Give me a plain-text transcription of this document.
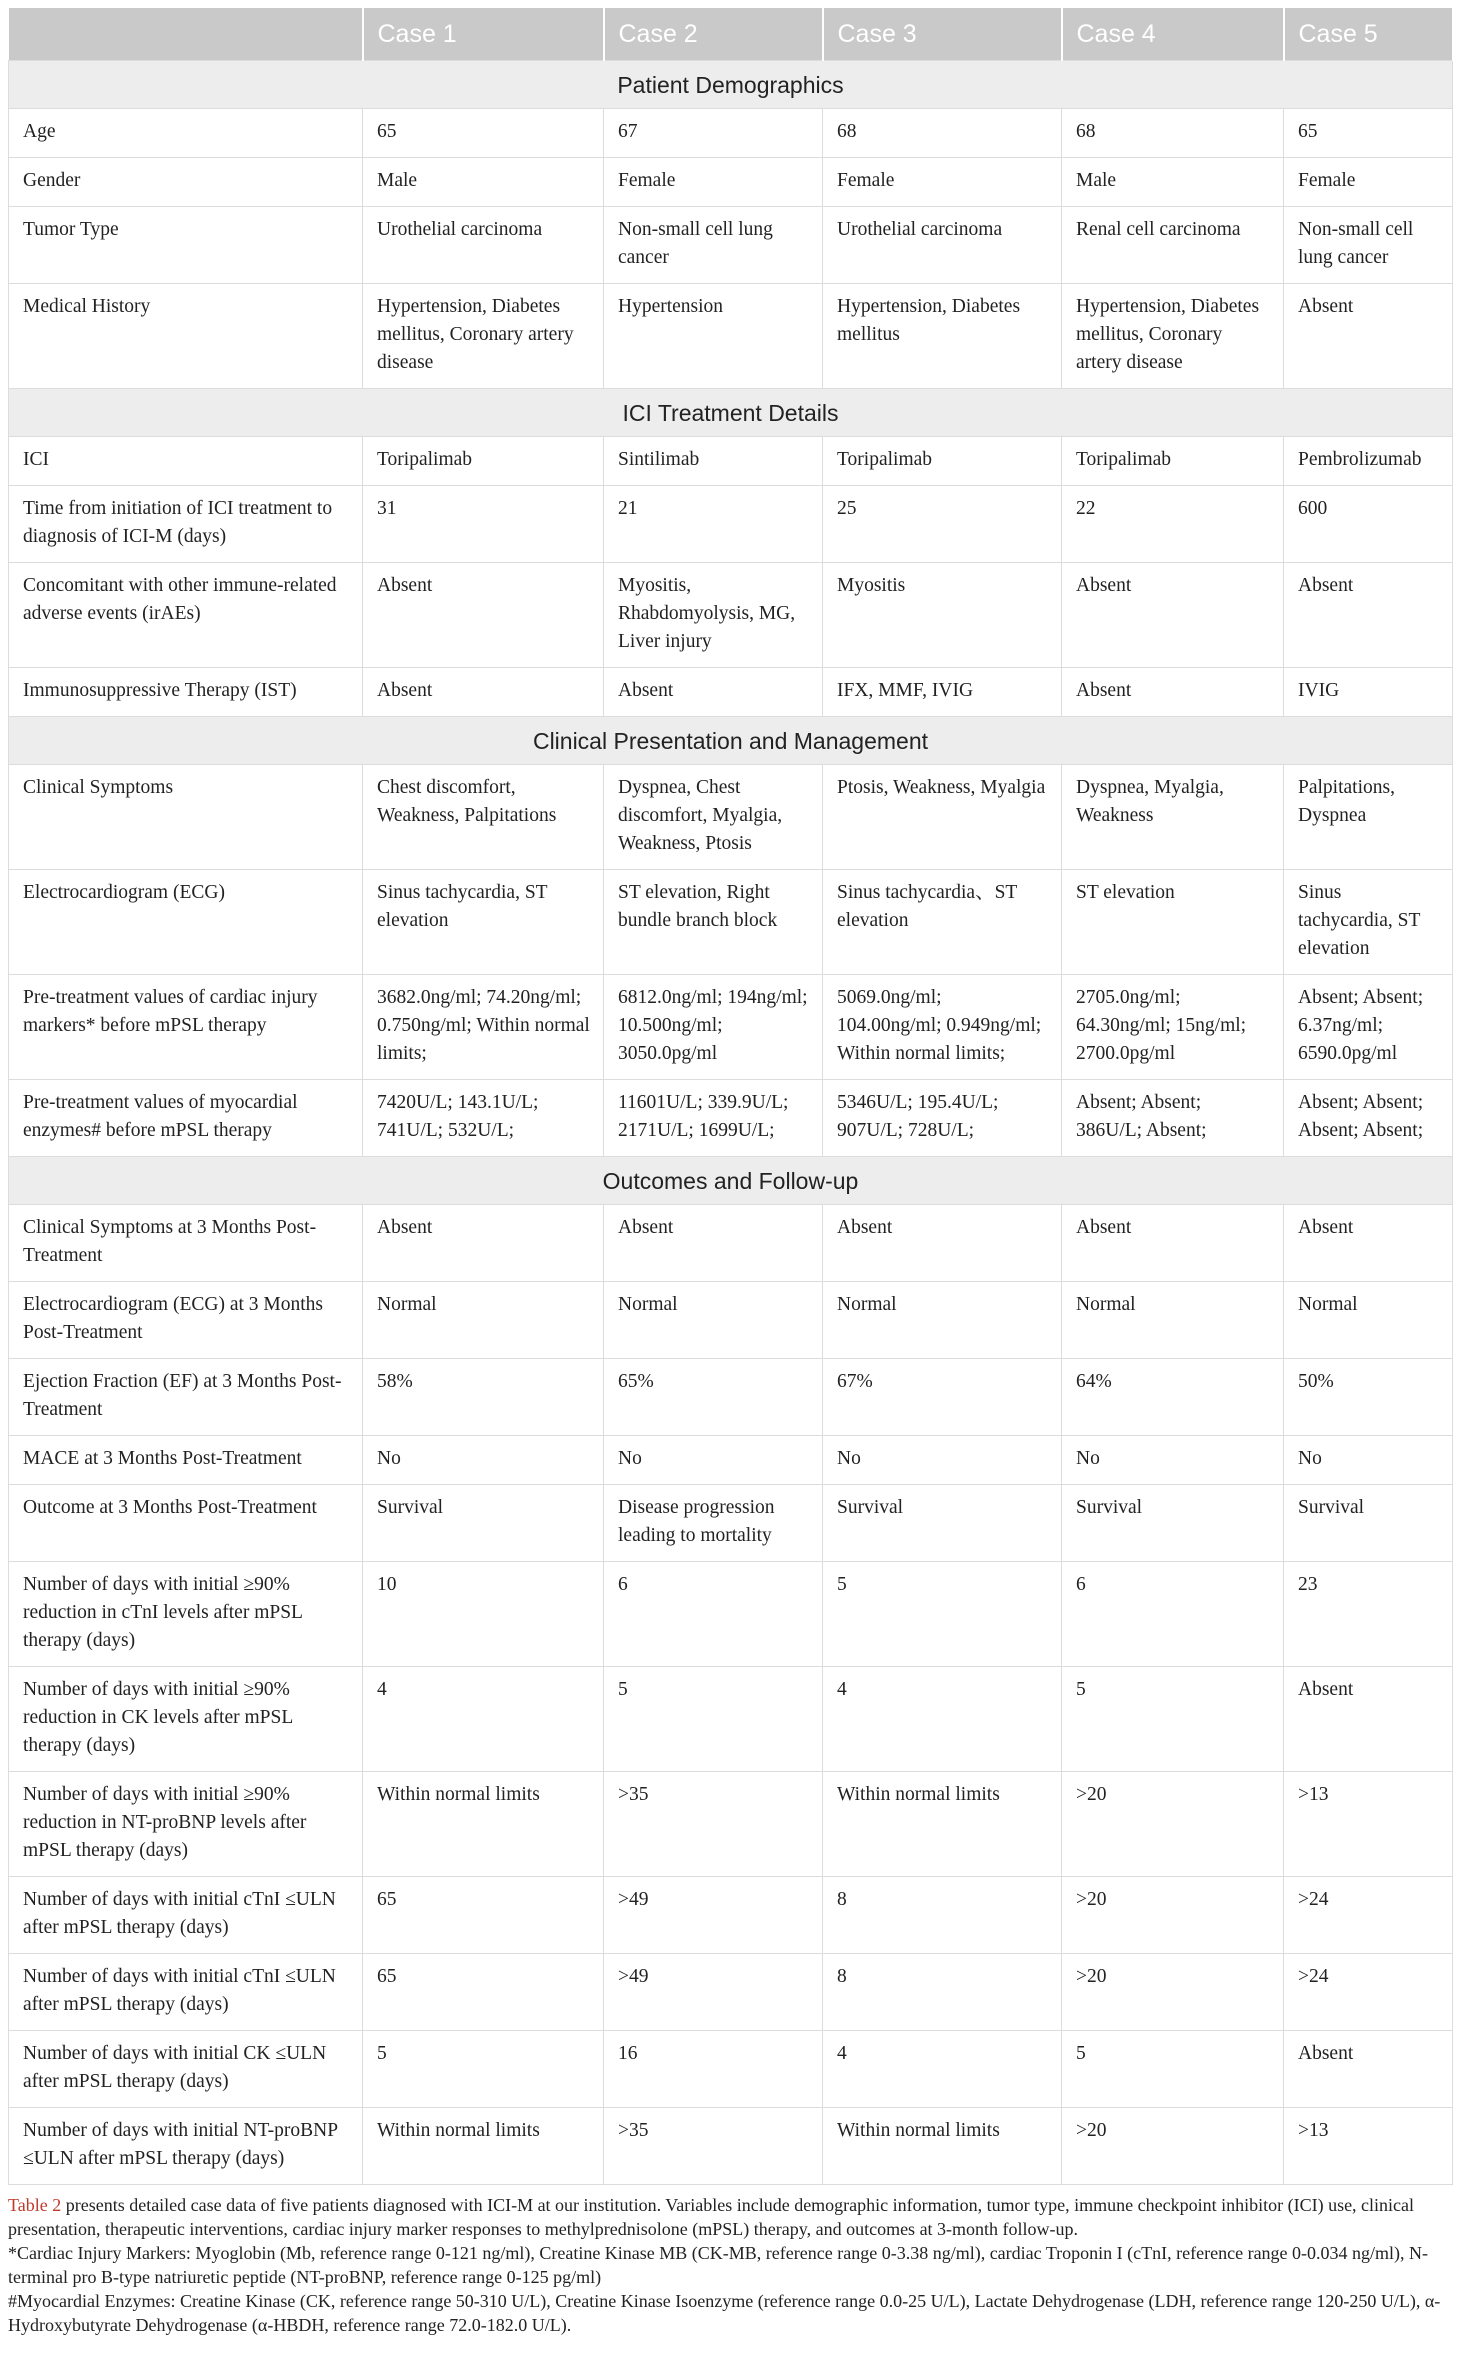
	Case 1	Case 2	Case 3	Case 4	Case 5
Patient Demographics					
Age	65	67	68	68	65
Gender	Male	Female	Female	Male	Female
Tumor Type	Urothelial carcinoma	Non-small cell lung cancer	Urothelial carcinoma	Renal cell carcinoma	Non-small cell lung cancer
Medical History	Hypertension, Diabetes mellitus, Coronary artery disease	Hypertension	Hypertension, Diabetes mellitus	Hypertension, Diabetes mellitus, Coronary artery disease	Absent
ICI Treatment Details					
ICI	Toripalimab	Sintilimab	Toripalimab	Toripalimab	Pembrolizumab
Time from initiation of ICI treatment to diagnosis of ICI-M (days)	31	21	25	22	600
Concomitant with other immune-related adverse events (irAEs)	Absent	Myositis, Rhabdomyolysis, MG, Liver injury	Myositis	Absent	Absent
Immunosuppressive Therapy (IST)	Absent	Absent	IFX, MMF, IVIG	Absent	IVIG
Clinical Presentation and Management					
Clinical Symptoms	Chest discomfort, Weakness, Palpitations	Dyspnea, Chest discomfort, Myalgia, Weakness, Ptosis	Ptosis, Weakness, Myalgia	Dyspnea, Myalgia, Weakness	Palpitations, Dyspnea
Electrocardiogram (ECG)	Sinus tachycardia, ST elevation	ST elevation, Right bundle branch block	Sinus tachycardia、ST elevation	ST elevation	Sinus tachycardia, ST elevation
Pre-treatment values of cardiac injury markers* before mPSL therapy	3682.0ng/ml; 74.20ng/ml; 0.750ng/ml; Within normal limits;	6812.0ng/ml; 194ng/ml; 10.500ng/ml; 3050.0pg/ml	5069.0ng/ml; 104.00ng/ml; 0.949ng/ml; Within normal limits;	2705.0ng/ml; 64.30ng/ml; 15ng/ml; 2700.0pg/ml	Absent; Absent; 6.37ng/ml; 6590.0pg/ml
Pre-treatment values of myocardial enzymes# before mPSL therapy	7420U/L; 143.1U/L; 741U/L; 532U/L;	11601U/L; 339.9U/L; 2171U/L; 1699U/L;	5346U/L; 195.4U/L; 907U/L; 728U/L;	Absent; Absent; 386U/L; Absent;	Absent; Absent; Absent; Absent;
Outcomes and Follow-up					
Clinical Symptoms at 3 Months Post-Treatment	Absent	Absent	Absent	Absent	Absent
Electrocardiogram (ECG) at 3 Months Post-Treatment	Normal	Normal	Normal	Normal	Normal
Ejection Fraction (EF) at 3 Months Post-Treatment	58%	65%	67%	64%	50%
MACE at 3 Months Post-Treatment	No	No	No	No	No
Outcome at 3 Months Post-Treatment	Survival	Disease progression leading to mortality	Survival	Survival	Survival
Number of days with initial ≥90% reduction in cTnI levels after mPSL therapy (days)	10	6	5	6	23
Number of days with initial ≥90% reduction in CK levels after mPSL therapy (days)	4	5	4	5	Absent
Number of days with initial ≥90% reduction in NT-proBNP levels after mPSL therapy (days)	Within normal limits	>35	Within normal limits	>20	>13
Number of days with initial cTnI ≤ULN after mPSL therapy (days)	65	>49	8	>20	>24
Number of days with initial cTnI ≤ULN after mPSL therapy (days)	65	>49	8	>20	>24
Number of days with initial CK ≤ULN after mPSL therapy (days)	5	16	4	5	Absent
Number of days with initial NT-proBNP ≤ULN after mPSL therapy (days)	Within normal limits	>35	Within normal limits	>20	>13

Table 2 presents detailed case data of five patients diagnosed with ICI-M at our institution. Variables include demographic information, tumor type, immune checkpoint inhibitor (ICI) use, clinical presentation, therapeutic interventions, cardiac injury marker responses to methylprednisolone (mPSL) therapy, and outcomes at 3-month follow-up.

*Cardiac Injury Markers: Myoglobin (Mb, reference range 0-121 ng/ml), Creatine Kinase MB (CK-MB, reference range 0-3.38 ng/ml), cardiac Troponin I (cTnI, reference range 0-0.034 ng/ml), N-terminal pro B-type natriuretic peptide (NT-proBNP, reference range 0-125 pg/ml)

#Myocardial Enzymes: Creatine Kinase (CK, reference range 50-310 U/L), Creatine Kinase Isoenzyme (reference range 0.0-25 U/L), Lactate Dehydrogenase (LDH, reference range 120-250 U/L), α-Hydroxybutyrate Dehydrogenase (α-HBDH, reference range 72.0-182.0 U/L).
